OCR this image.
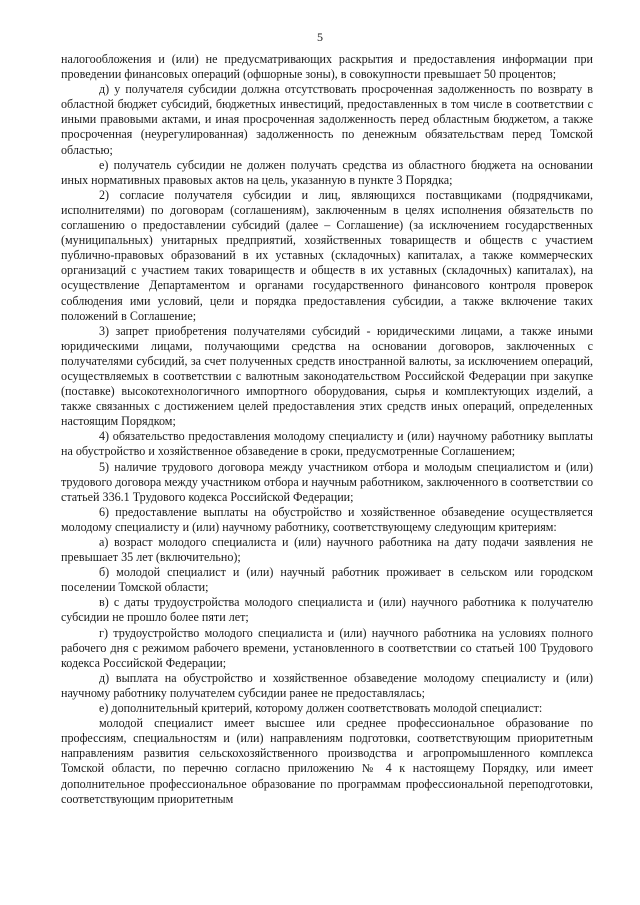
5

налогообложения и (или) не предусматривающих раскрытия и предоставления информации при проведении финансовых операций (офшорные зоны), в совокупности превышает 50 процентов;

д) у получателя субсидии должна отсутствовать просроченная задолженность по возврату в областной бюджет субсидий, бюджетных инвестиций, предоставленных в том числе в соответствии с иными правовыми актами, и иная просроченная задолженность перед областным бюджетом, а также просроченная (неурегулированная) задолженность по денежным обязательствам перед Томской областью;

е) получатель субсидии не должен получать средства из областного бюджета на основании иных нормативных правовых актов на цель, указанную в пункте 3 Порядка;

2) согласие получателя субсидии и лиц, являющихся поставщиками (подрядчиками, исполнителями) по договорам (соглашениям), заключенным в целях исполнения обязательств по соглашению о предоставлении субсидий (далее – Соглашение) (за исключением государственных (муниципальных) унитарных предприятий, хозяйственных товариществ и обществ с участием публично-правовых образований в их уставных (складочных) капиталах, а также коммерческих организаций с участием таких товариществ и обществ в их уставных (складочных) капиталах), на осуществление Департаментом и органами государственного финансового контроля проверок соблюдения ими условий, цели и порядка предоставления субсидии, а также включение таких положений в Соглашение;

3) запрет приобретения получателями субсидий - юридическими лицами, а также иными юридическими лицами, получающими средства на основании договоров, заключенных с получателями субсидий, за счет полученных средств иностранной валюты, за исключением операций, осуществляемых в соответствии с валютным законодательством Российской Федерации при закупке (поставке) высокотехнологичного импортного оборудования, сырья и комплектующих изделий, а также связанных с достижением целей предоставления этих средств иных операций, определенных настоящим Порядком;

4) обязательство предоставления молодому специалисту и (или) научному работнику выплаты на обустройство и хозяйственное обзаведение в сроки, предусмотренные Соглашением;

5) наличие трудового договора между участником отбора и молодым специалистом и (или) трудового договора между участником отбора и научным работником, заключенного в соответствии со статьей 336.1 Трудового кодекса Российской Федерации;

6) предоставление выплаты на обустройство и хозяйственное обзаведение осуществляется молодому специалисту и (или) научному работнику, соответствующему следующим критериям:

а) возраст молодого специалиста и (или) научного работника на дату подачи заявления не превышает 35 лет (включительно);

б) молодой специалист и (или) научный работник проживает в сельском или городском поселении Томской области;

в) с даты трудоустройства молодого специалиста и (или) научного работника к получателю субсидии не прошло более пяти лет;

г) трудоустройство молодого специалиста и (или) научного работника на условиях полного рабочего дня с режимом рабочего времени, установленного в соответствии со статьей 100 Трудового кодекса Российской Федерации;

д) выплата на обустройство и хозяйственное обзаведение молодому специалисту и (или) научному работнику получателем субсидии ранее не предоставлялась;

е) дополнительный критерий, которому должен соответствовать молодой специалист:

молодой специалист имеет высшее или среднее профессиональное образование по профессиям, специальностям и (или) направлениям подготовки, соответствующим приоритетным направлениям развития сельскохозяйственного производства и агропромышленного комплекса Томской области, по перечню согласно приложению № 4 к настоящему Порядку, или имеет дополнительное профессиональное образование по программам профессиональной переподготовки, соответствующим приоритетным
